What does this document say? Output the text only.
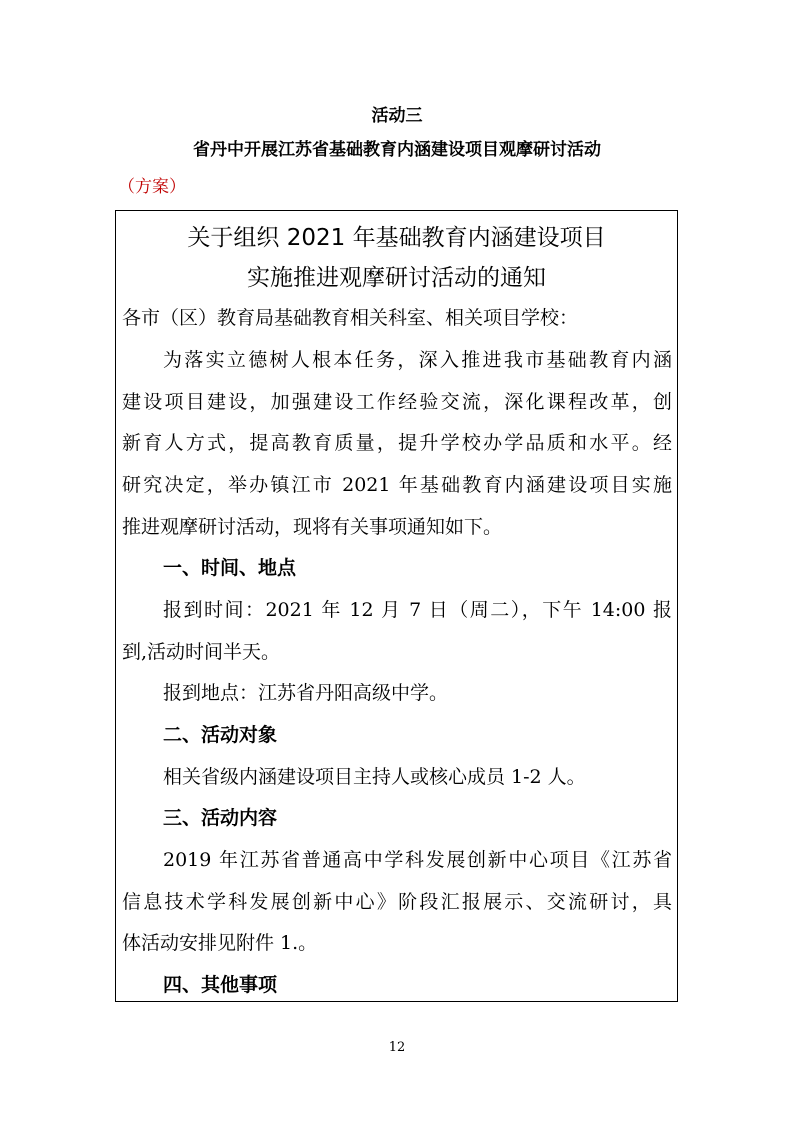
活动三
省丹中开展江苏省基础教育内涵建设项目观摩研讨活动
（方案）
关于组织 2021 年基础教育内涵建设项目
实施推进观摩研讨活动的通知
各市（区）教育局基础教育相关科室、相关项目学校：
为落实立德树人根本任务，深入推进我市基础教育内涵
建设项目建设，加强建设工作经验交流，深化课程改革，创
新育人方式，提高教育质量，提升学校办学品质和水平。经
研究决定，举办镇江市 2021 年基础教育内涵建设项目实施
推进观摩研讨活动，现将有关事项通知如下。
一、时间、地点
报到时间：2021 年 12 月 7 日（周二），下午 14:00 报
到,活动时间半天。
报到地点：江苏省丹阳高级中学。
二、活动对象
相关省级内涵建设项目主持人或核心成员 1-2 人。
三、活动内容
2019 年江苏省普通高中学科发展创新中心项目《江苏省
信息技术学科发展创新中心》阶段汇报展示、交流研讨，具
体活动安排见附件 1.。
四、其他事项
12
